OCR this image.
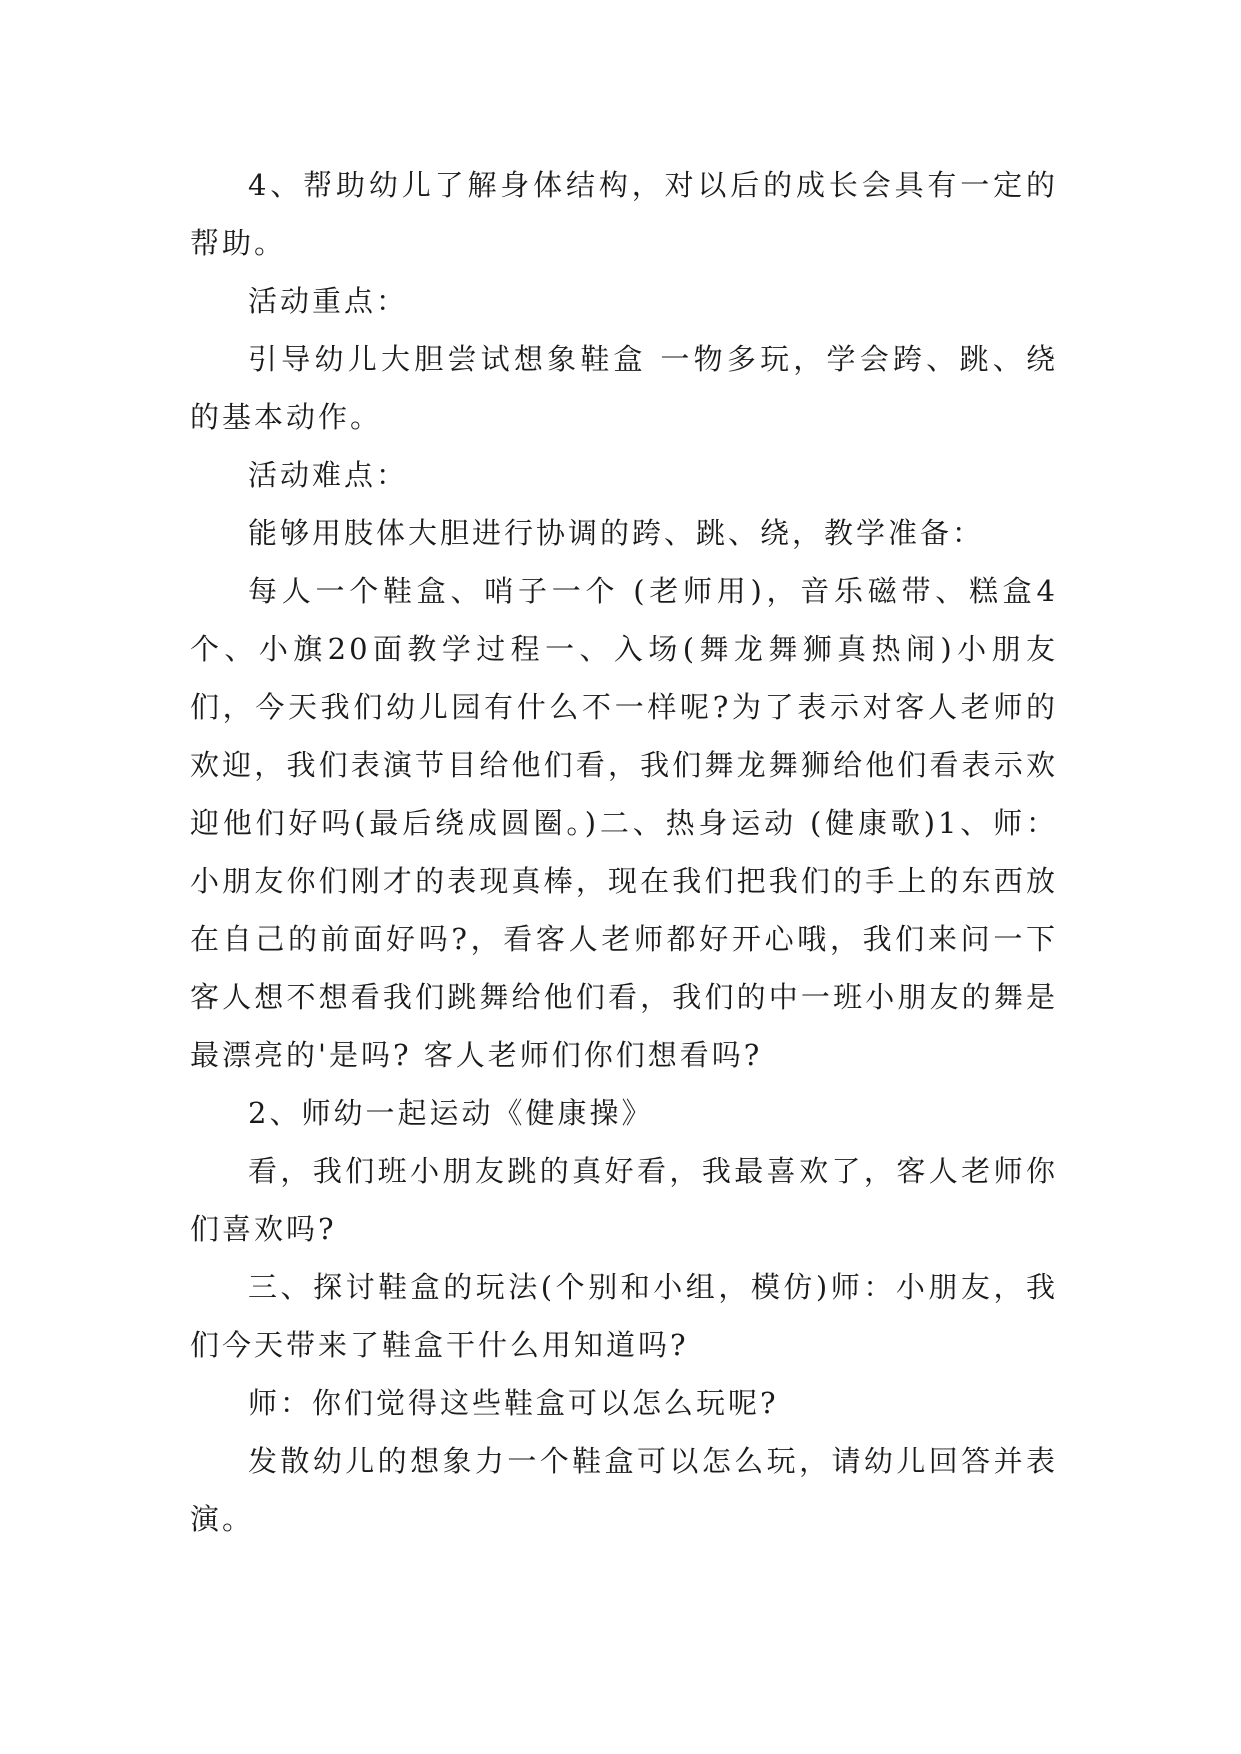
4、帮助幼儿了解身体结构，对以后的成长会具有一定的帮助。

活动重点：

引导幼儿大胆尝试想象鞋盒 一物多玩，学会跨、跳、绕的基本动作。

活动难点：

能够用肢体大胆进行协调的跨、跳、绕，教学准备：

每人一个鞋盒、哨子一个 (老师用)，音乐磁带、糕盒4个、小旗20面教学过程一、入场(舞龙舞狮真热闹)小朋友们，今天我们幼儿园有什么不一样呢?为了表示对客人老师的欢迎，我们表演节目给他们看，我们舞龙舞狮给他们看表示欢迎他们好吗(最后绕成圆圈。)二、热身运动 (健康歌)1、师：小朋友你们刚才的表现真棒，现在我们把我们的手上的东西放在自己的前面好吗?，看客人老师都好开心哦，我们来问一下客人想不想看我们跳舞给他们看，我们的中一班小朋友的舞是最漂亮的'是吗? 客人老师们你们想看吗?

2、师幼一起运动《健康操》

看，我们班小朋友跳的真好看，我最喜欢了，客人老师你们喜欢吗?

三、探讨鞋盒的玩法(个别和小组，模仿)师：小朋友，我们今天带来了鞋盒干什么用知道吗?

师：你们觉得这些鞋盒可以怎么玩呢?

发散幼儿的想象力一个鞋盒可以怎么玩，请幼儿回答并表演。
